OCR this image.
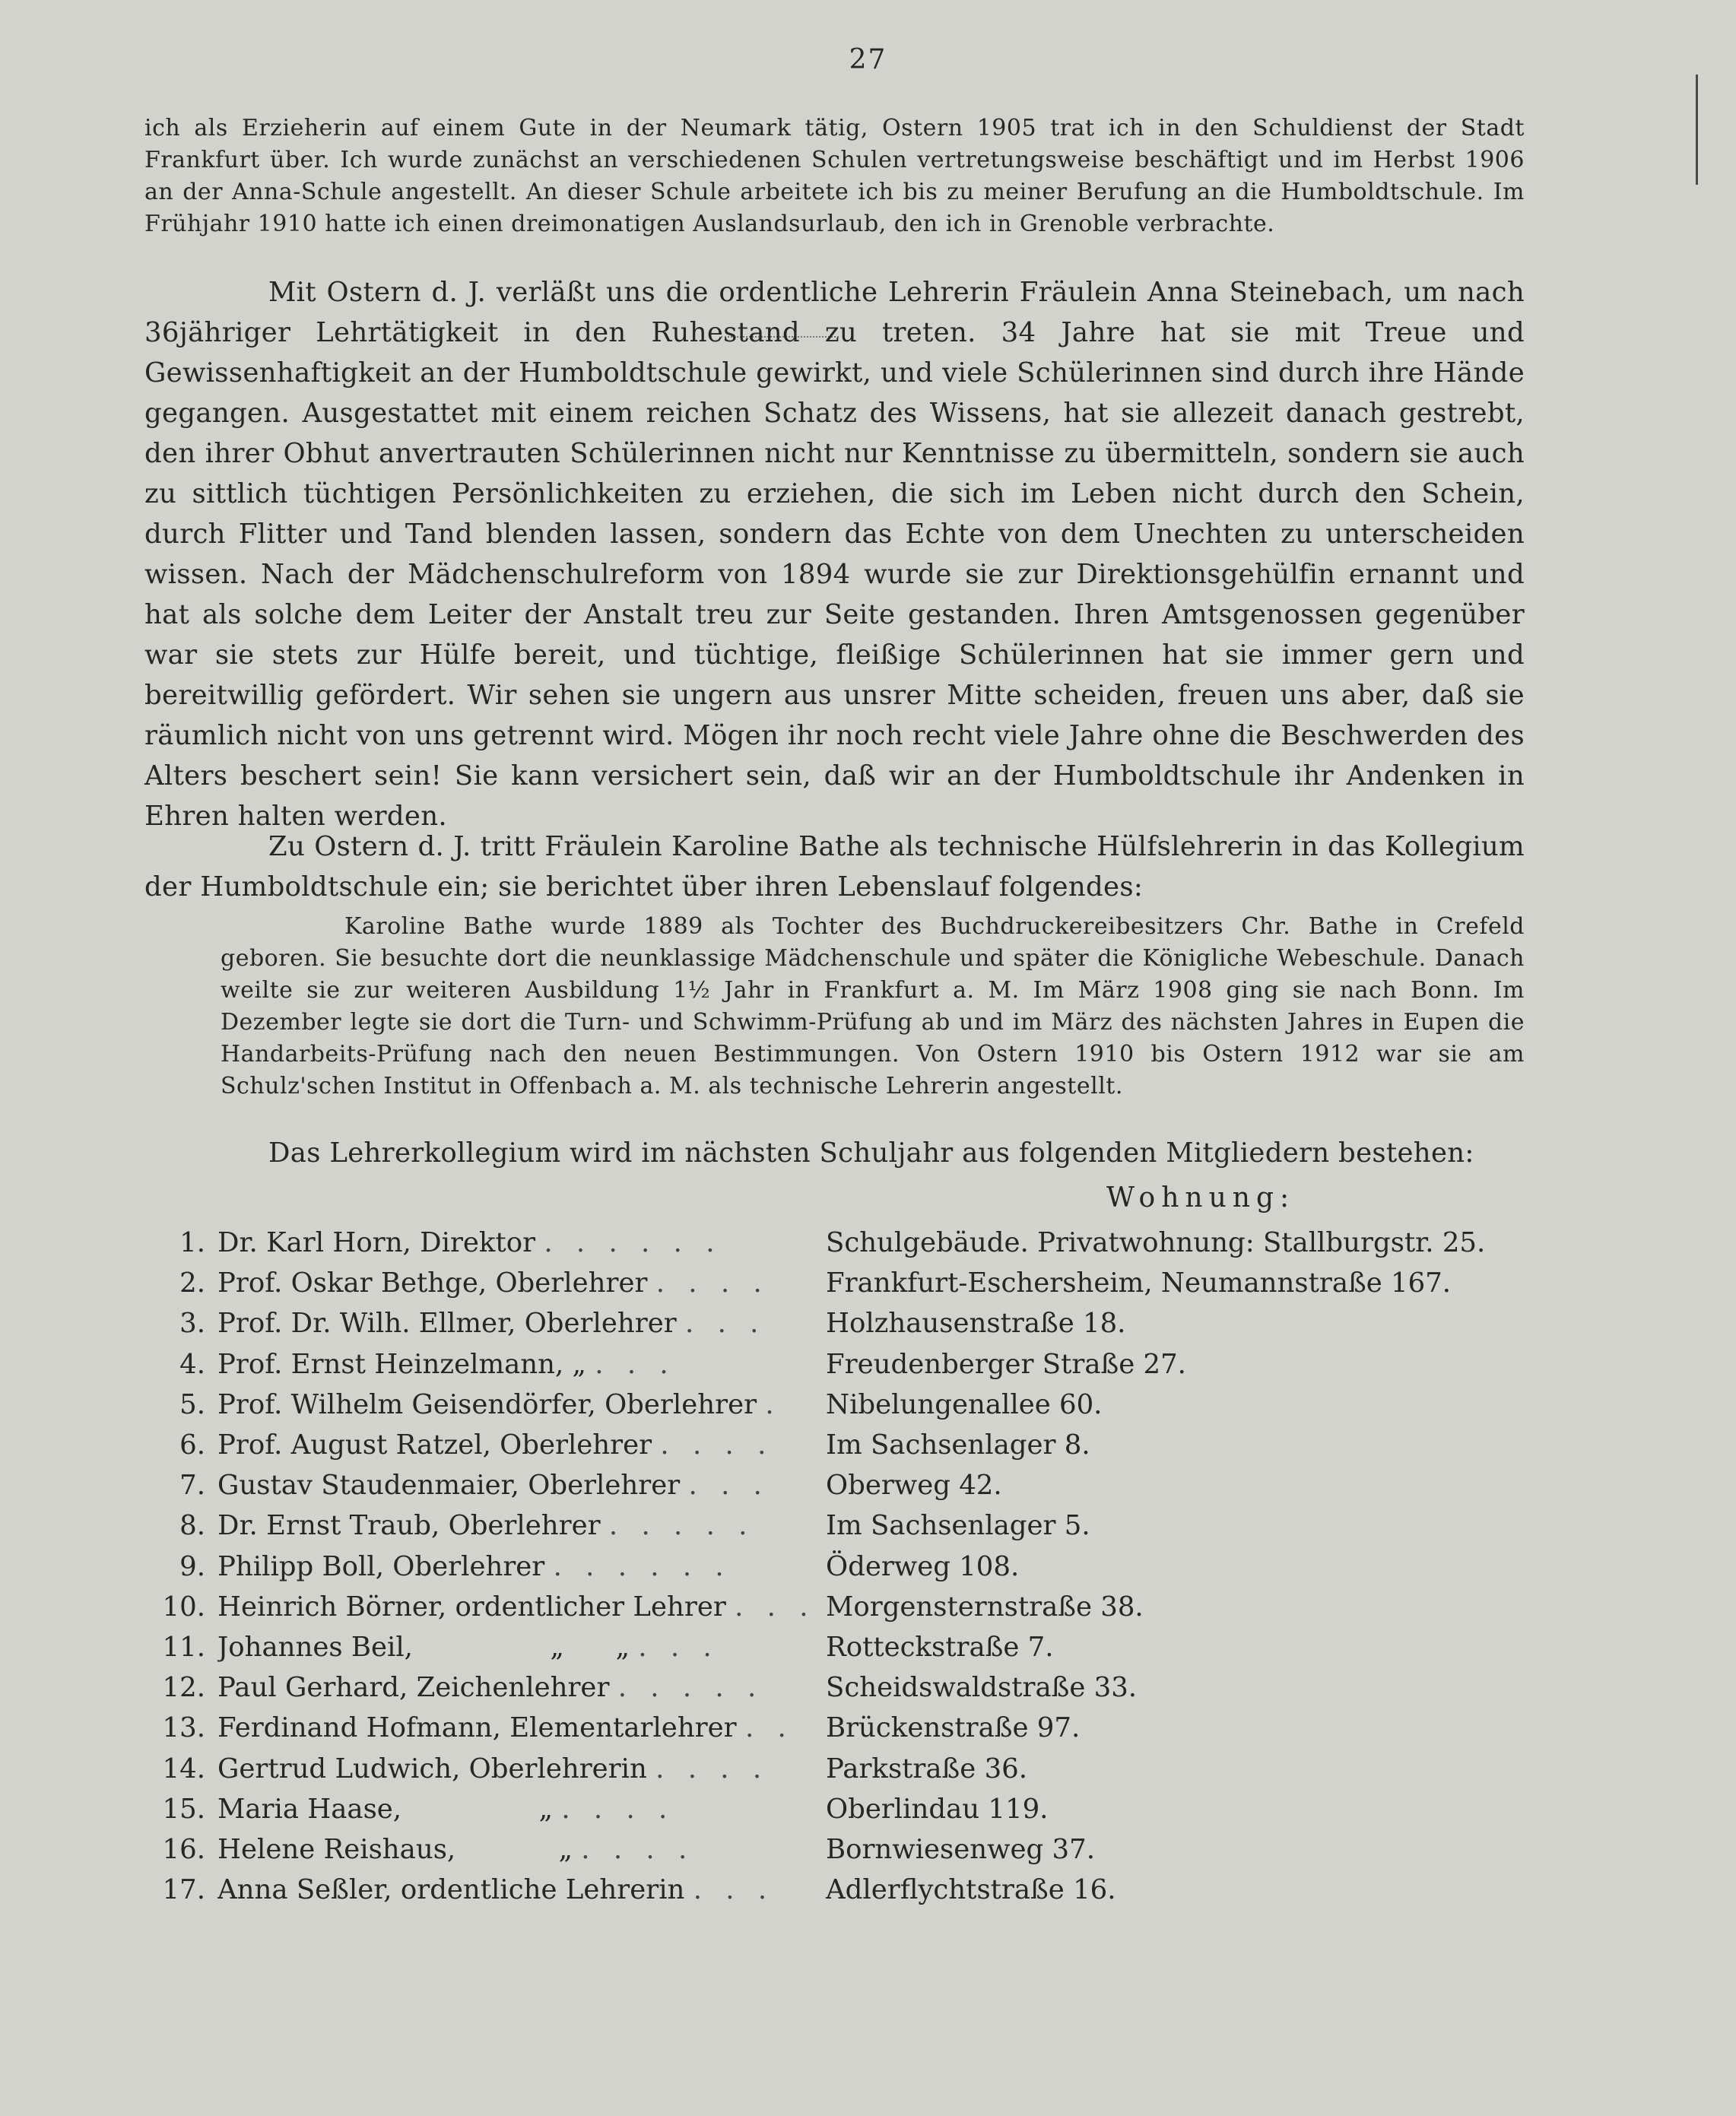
27
ich als Erzieherin auf einem Gute in der Neumark tätig, Ostern 1905 trat ich in den Schuldienst der Stadt Frankfurt über. Ich wurde zunächst an verschiedenen Schulen vertretungsweise beschäftigt und im Herbst 1906 an der Anna-Schule angestellt. An dieser Schule arbeitete ich bis zu meiner Berufung an die Humboldtschule. Im Frühjahr 1910 hatte ich einen dreimonatigen Auslandsurlaub, den ich in Grenoble verbrachte.
Mit Ostern d. J. verläßt uns die ordentliche Lehrerin Fräulein Anna Steinebach, um nach 36jähriger Lehrtätigkeit in den Ruhestand zu treten. 34 Jahre hat sie mit Treue und Gewissenhaftigkeit an der Humboldtschule gewirkt, und viele Schülerinnen sind durch ihre Hände gegangen. Ausgestattet mit einem reichen Schatz des Wissens, hat sie allezeit danach gestrebt, den ihrer Obhut anvertrauten Schülerinnen nicht nur Kenntnisse zu übermitteln, sondern sie auch zu sittlich tüchtigen Persönlichkeiten zu erziehen, die sich im Leben nicht durch den Schein, durch Flitter und Tand blenden lassen, sondern das Echte von dem Unechten zu unterscheiden wissen. Nach der Mädchenschulreform von 1894 wurde sie zur Direktionsgehülfin ernannt und hat als solche dem Leiter der Anstalt treu zur Seite gestanden. Ihren Amtsgenossen gegenüber war sie stets zur Hülfe bereit, und tüchtige, fleißige Schülerinnen hat sie immer gern und bereitwillig gefördert. Wir sehen sie ungern aus unsrer Mitte scheiden, freuen uns aber, daß sie räumlich nicht von uns getrennt wird. Mögen ihr noch recht viele Jahre ohne die Beschwerden des Alters beschert sein! Sie kann versichert sein, daß wir an der Humboldtschule ihr Andenken in Ehren halten werden.
Zu Ostern d. J. tritt Fräulein Karoline Bathe als technische Hülfslehrerin in das Kollegium der Humboldtschule ein; sie berichtet über ihren Lebenslauf folgendes:
Karoline Bathe wurde 1889 als Tochter des Buchdruckereibesitzers Chr. Bathe in Crefeld geboren. Sie besuchte dort die neunklassige Mädchenschule und später die Königliche Webeschule. Danach weilte sie zur weiteren Ausbildung 1½ Jahr in Frankfurt a. M. Im März 1908 ging sie nach Bonn. Im Dezember legte sie dort die Turn- und Schwimm-Prüfung ab und im März des nächsten Jahres in Eupen die Handarbeits-Prüfung nach den neuen Bestimmungen. Von Ostern 1910 bis Ostern 1912 war sie am Schulz'schen Institut in Offenbach a. M. als technische Lehrerin angestellt.
Das Lehrerkollegium wird im nächsten Schuljahr aus folgenden Mitgliedern bestehen:
Wohnung:
1. Dr. Karl Horn, Direktor . . . . . .	Schulgebäude. Privatwohnung: Stallburgstr. 25.
2. Prof. Oskar Bethge, Oberlehrer . . . .	Frankfurt-Eschersheim, Neumannstraße 167.
3. Prof. Dr. Wilh. Ellmer, Oberlehrer . . .	Holzhausenstraße 18.
4. Prof. Ernst Heinzelmann, „ . . .	Freudenberger Straße 27.
5. Prof. Wilhelm Geisendörfer, Oberlehrer .	Nibelungenallee 60.
6. Prof. August Ratzel, Oberlehrer . . . .	Im Sachsenlager 8.
7. Gustav Staudenmaier, Oberlehrer . . .	Oberweg 42.
8. Dr. Ernst Traub, Oberlehrer . . . . .	Im Sachsenlager 5.
9. Philipp Boll, Oberlehrer . . . . . .	Öderweg 108.
10. Heinrich Börner, ordentlicher Lehrer . . . Morgensternstraße 38.
11. Johannes Beil,                „      „ . . .	Rotteckstraße 7.
12. Paul Gerhard, Zeichenlehrer . . . . .	Scheidswaldstraße 33.
13. Ferdinand Hofmann, Elementarlehrer . .	Brückenstraße 97.
14. Gertrud Ludwich, Oberlehrerin . . . .	Parkstraße 36.
15. Maria Haase,                „ . . . .	Oberlindau 119.
16. Helene Reishaus,            „ . . . .	Bornwiesenweg 37.
17. Anna Seßler, ordentliche Lehrerin . . .	Adlerflychtstraße 16.
